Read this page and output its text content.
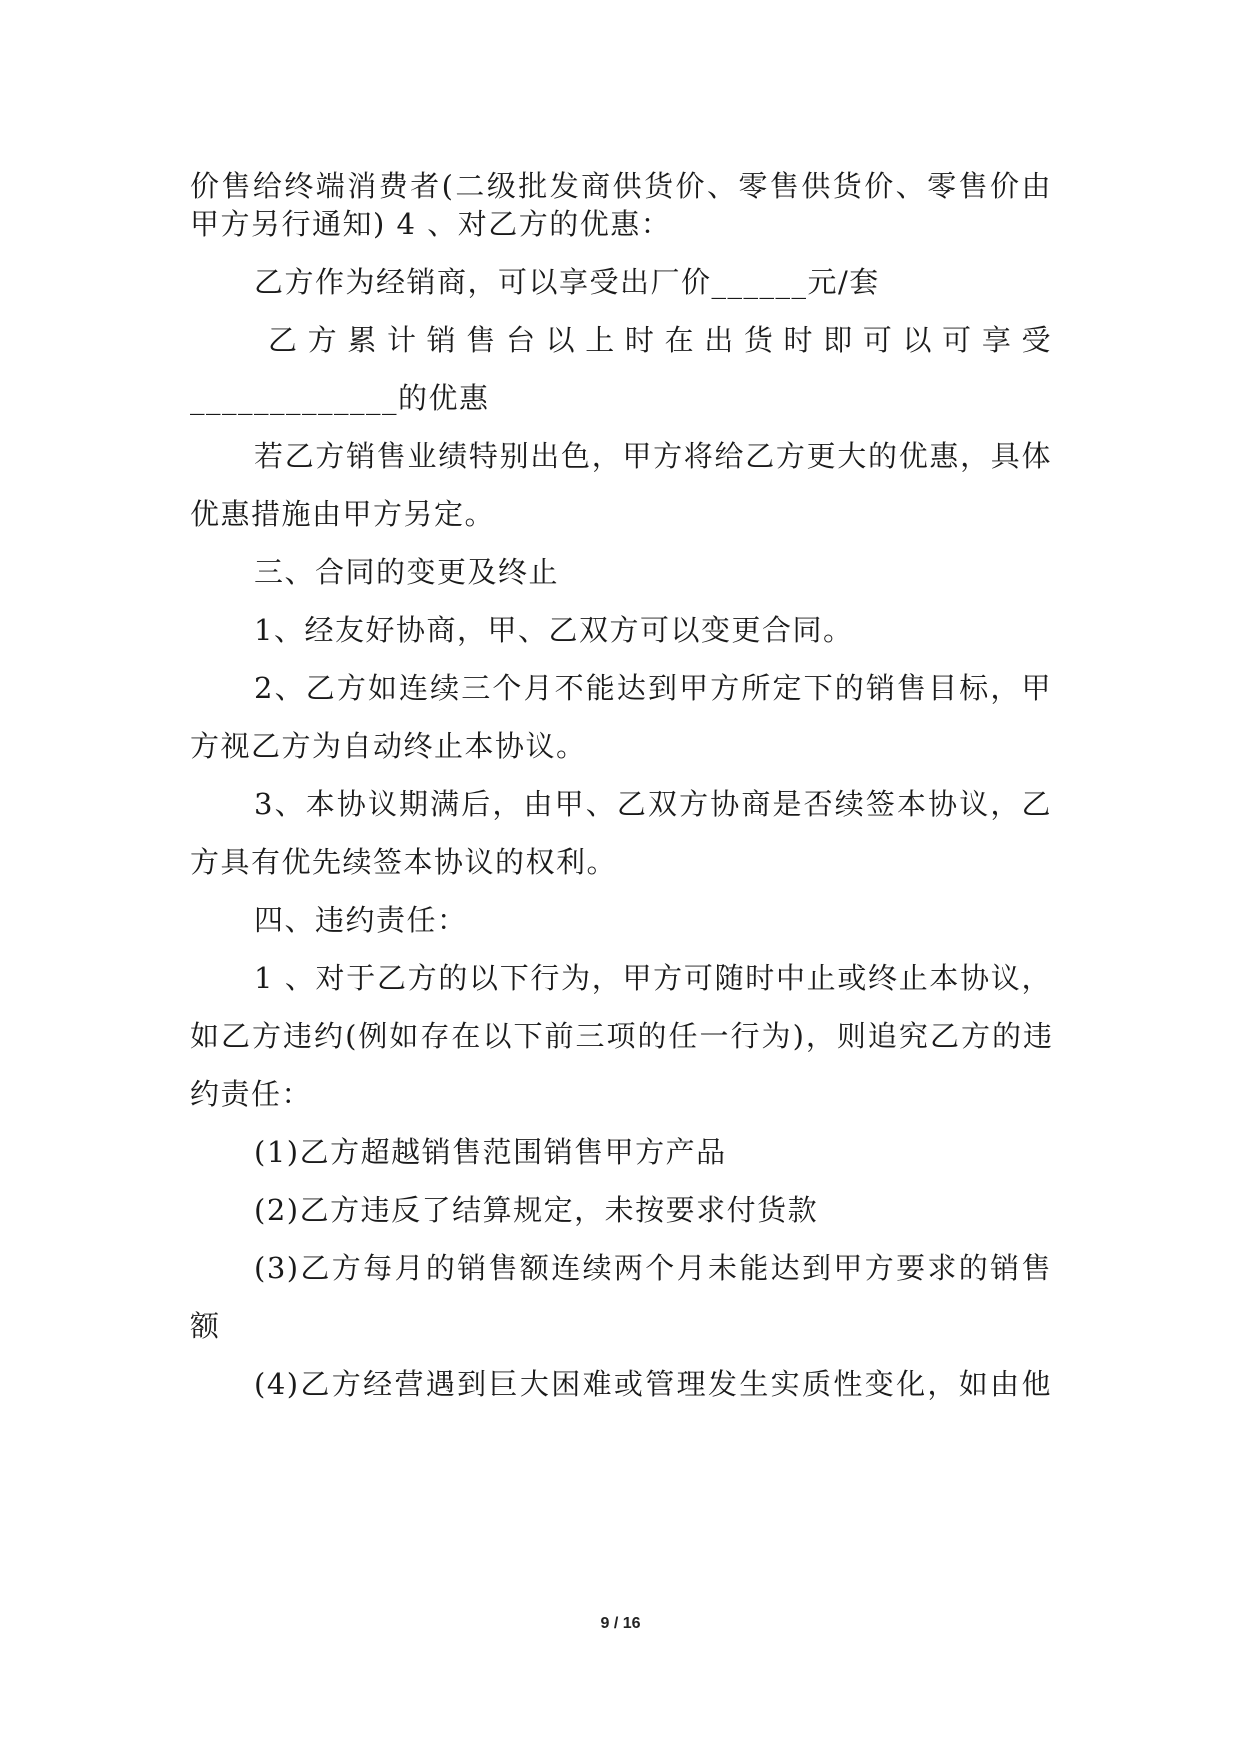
价售给终端消费者(二级批发商供货价、零售供货价、零售价由
甲方另行通知) 4 、对乙方的优惠：
乙方作为经销商，可以享受出厂价______元/套
乙方累计销售台以上时在出货时即可以可享受
_____________的优惠
若乙方销售业绩特别出色，甲方将给乙方更大的优惠，具体
优惠措施由甲方另定。
三、合同的变更及终止
1、经友好协商，甲、乙双方可以变更合同。
2、乙方如连续三个月不能达到甲方所定下的销售目标，甲
方视乙方为自动终止本协议。
3、本协议期满后，由甲、乙双方协商是否续签本协议，乙
方具有优先续签本协议的权利。
四、违约责任：
1 、对于乙方的以下行为，甲方可随时中止或终止本协议，
如乙方违约(例如存在以下前三项的任一行为)，则追究乙方的违
约责任：
(1)乙方超越销售范围销售甲方产品
(2)乙方违反了结算规定，未按要求付货款
(3)乙方每月的销售额连续两个月未能达到甲方要求的销售
额
(4)乙方经营遇到巨大困难或管理发生实质性变化，如由他
9 / 16
